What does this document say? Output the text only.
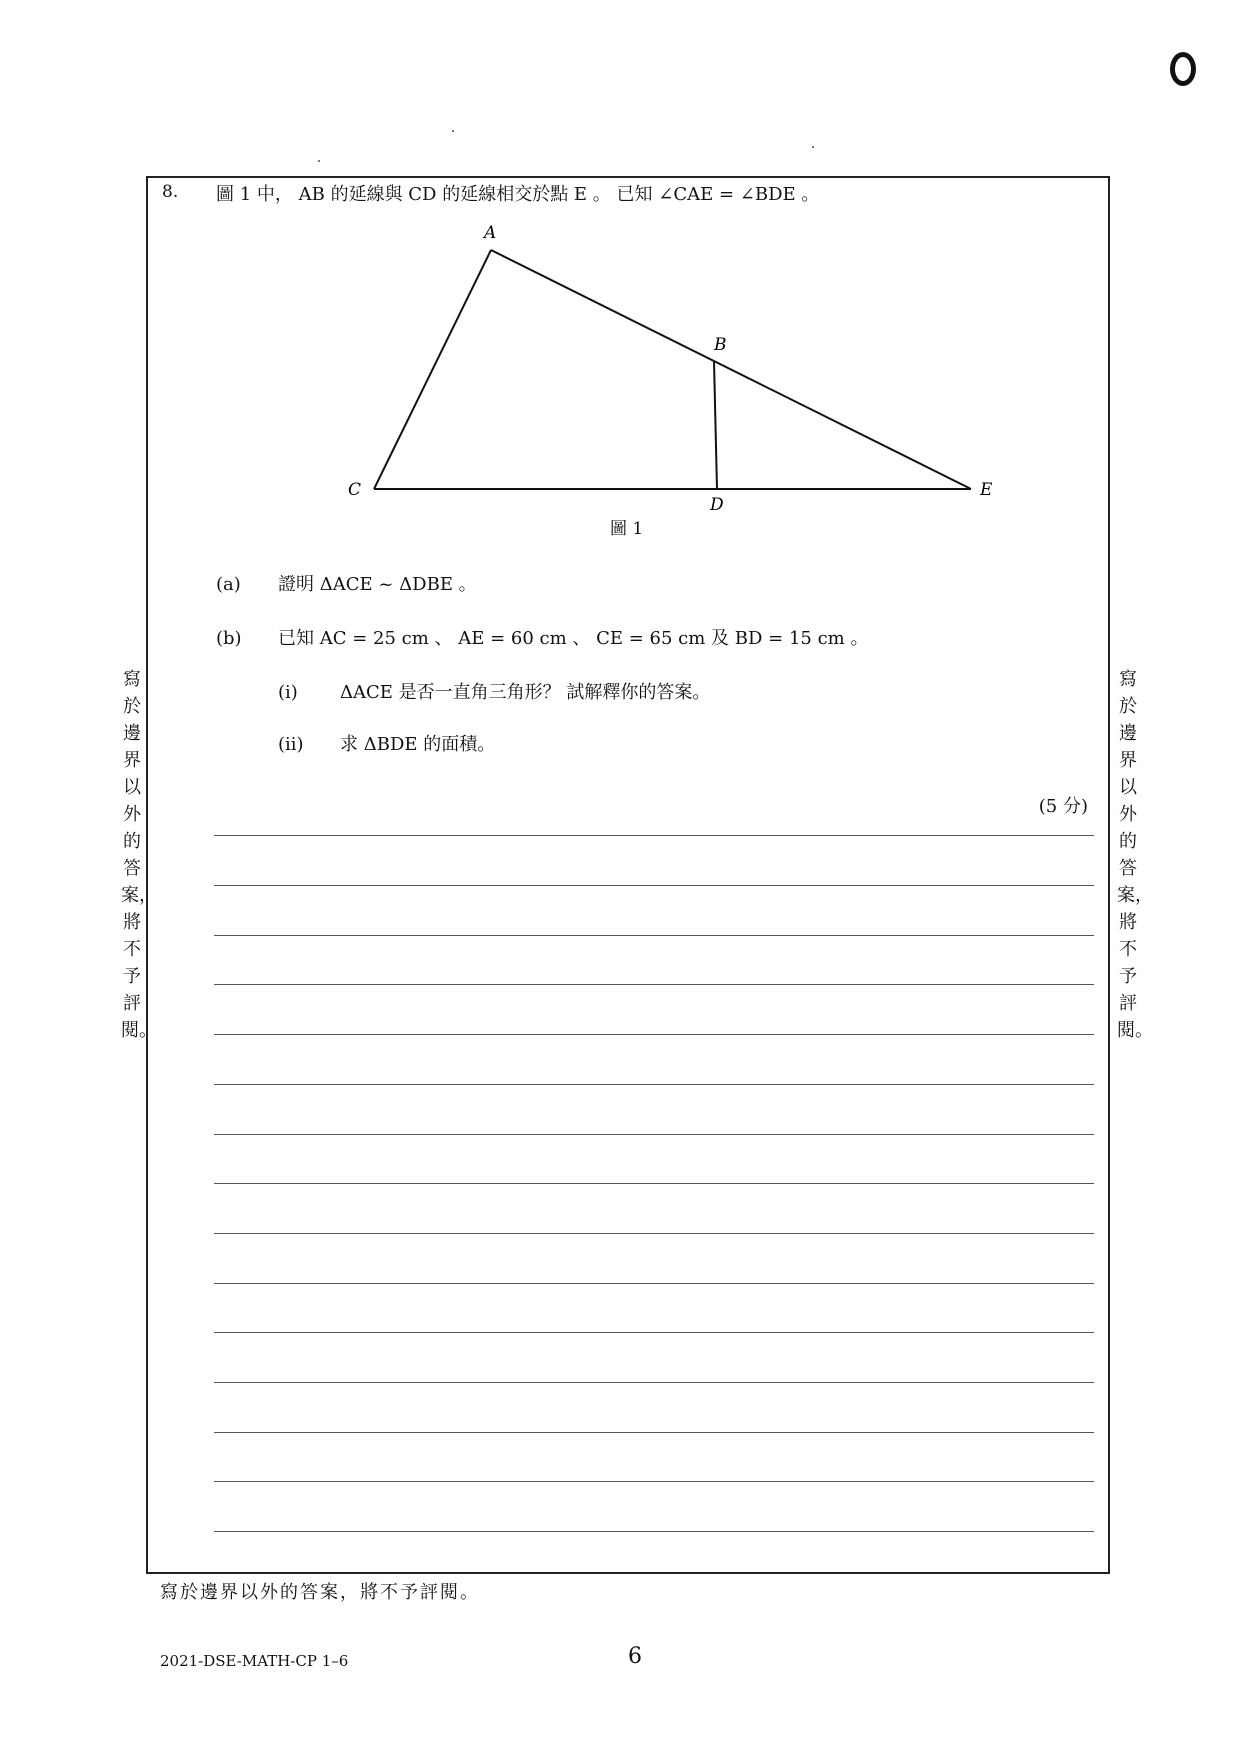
寫於邊界以外的答案，將不予評閱。
寫於邊界以外的答案，將不予評閱。
8. 圖 1 中， AB 的延線與 CD 的延線相交於點 E 。 已知 ∠CAE = ∠BDE 。
A
B
C
D
E
圖 1
(a) 證明 ΔACE ~ ΔDBE 。
(b) 已知 AC = 25 cm 、 AE = 60 cm 、 CE = 65 cm 及 BD = 15 cm 。
(i) ΔACE 是否一直角三角形？ 試解釋你的答案。
(ii) 求 ΔBDE 的面積。
(5 分)
寫於邊界以外的答案，將不予評閱。
2021-DSE-MATH-CP 1–6	6
